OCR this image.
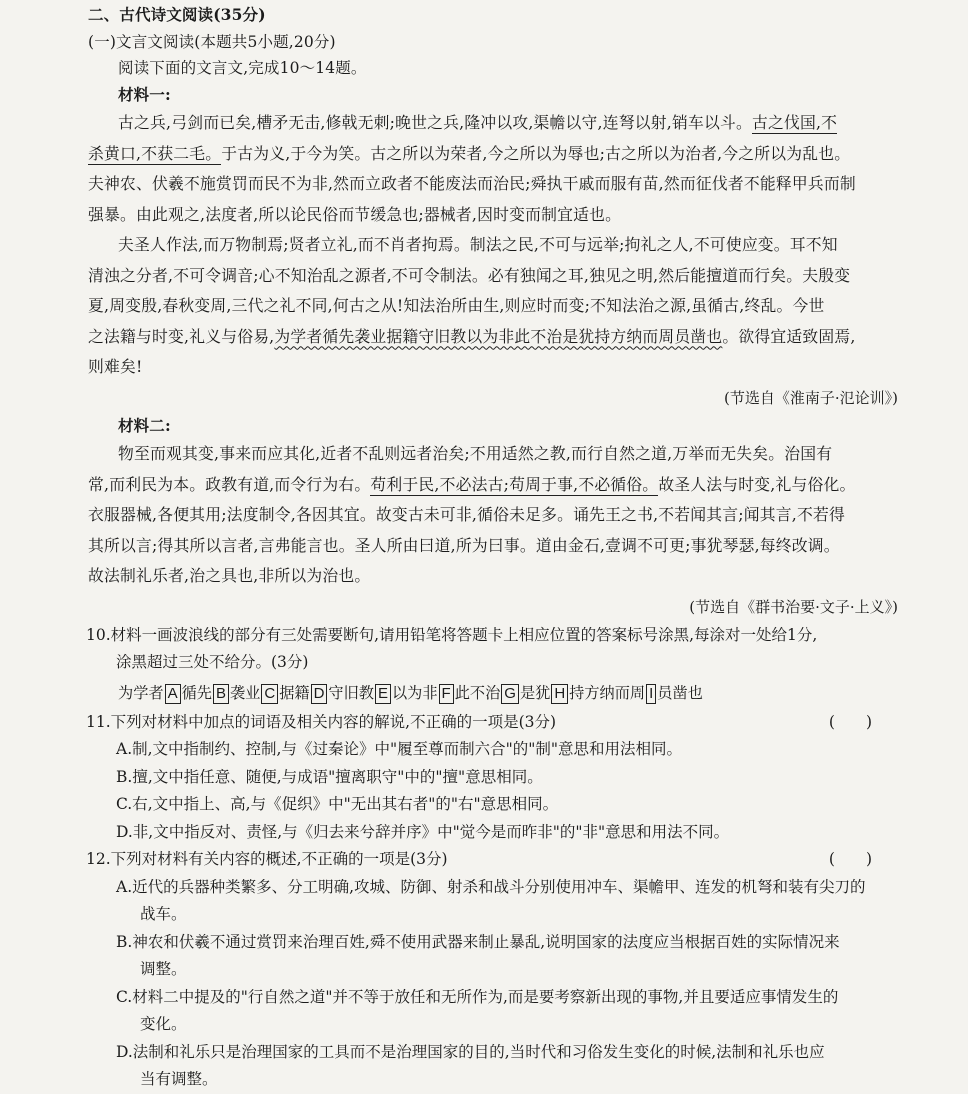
二、古代诗文阅读(35分)
(一)文言文阅读(本题共5小题,20分)
阅读下面的文言文,完成10～14题。
材料一:
古之兵,弓剑而已矣,槽矛无击,修戟无刺;晚世之兵,隆冲以攻,渠幨以守,连弩以射,销车以斗。古之伐国,不
杀黄口,不获二毛。于古为义,于今为笑。古之所以为荣者,今之所以为辱也;古之所以为治者,今之所以为乱也。
夫神农、伏羲不施赏罚而民不为非,然而立政者不能废法而治民;舜执干戚而服有苗,然而征伐者不能释甲兵而制
强暴。由此观之,法度者,所以论民俗而节缓急也;器械者,因时变而制宜适也。
夫圣人作法,而万物制焉;贤者立礼,而不肖者拘焉。制法之民,不可与远举;拘礼之人,不可使应变。耳不知
清浊之分者,不可令调音;心不知治乱之源者,不可令制法。必有独闻之耳,独见之明,然后能擅道而行矣。夫殷变
夏,周变殷,春秋变周,三代之礼不同,何古之从!知法治所由生,则应时而变;不知法治之源,虽循古,终乱。今世
之法籍与时变,礼义与俗易,为学者循先袭业据籍守旧教以为非此不治是犹持方纳而周员凿也。欲得宜适致固焉,
则难矣!
(节选自《淮南子·氾论训》)
材料二:
物至而观其变,事来而应其化,近者不乱则远者治矣;不用适然之教,而行自然之道,万举而无失矣。治国有
常,而利民为本。政教有道,而令行为右。苟利于民,不必法古;苟周于事,不必循俗。故圣人法与时变,礼与俗化。
衣服器械,各便其用;法度制令,各因其宜。故变古未可非,循俗未足多。诵先王之书,不若闻其言;闻其言,不若得
其所以言;得其所以言者,言弗能言也。圣人所由曰道,所为曰事。道由金石,壹调不可更;事犹琴瑟,每终改调。
故法制礼乐者,治之具也,非所以为治也。
(节选自《群书治要·文子·上义》)
10.材料一画波浪线的部分有三处需要断句,请用铅笔将答题卡上相应位置的答案标号涂黑,每涂对一处给1分,
涂黑超过三处不给分。(3分)
为学者 A 循先 B 袭业 C 据籍 D 守旧教 E 以为非 F 此不治 G 是犹 H 持方纳而周 I 员凿也
11.下列对材料中加点的词语及相关内容的解说,不正确的一项是(3分)	(　　)
A.制,文中指制约、控制,与《过秦论》中"履至尊而制六合"的"制"意思和用法相同。
B.擅,文中指任意、随便,与成语"擅离职守"中的"擅"意思相同。
C.右,文中指上、高,与《促织》中"无出其右者"的"右"意思相同。
D.非,文中指反对、责怪,与《归去来兮辞并序》中"觉今是而昨非"的"非"意思和用法不同。
12.下列对材料有关内容的概述,不正确的一项是(3分)	(　　)
A.近代的兵器种类繁多、分工明确,攻城、防御、射杀和战斗分别使用冲车、渠幨甲、连发的机弩和装有尖刀的
战车。
B.神农和伏羲不通过赏罚来治理百姓,舜不使用武器来制止暴乱,说明国家的法度应当根据百姓的实际情况来
调整。
C.材料二中提及的"行自然之道"并不等于放任和无所作为,而是要考察新出现的事物,并且要适应事情发生的
变化。
D.法制和礼乐只是治理国家的工具而不是治理国家的目的,当时代和习俗发生变化的时候,法制和礼乐也应
当有调整。
